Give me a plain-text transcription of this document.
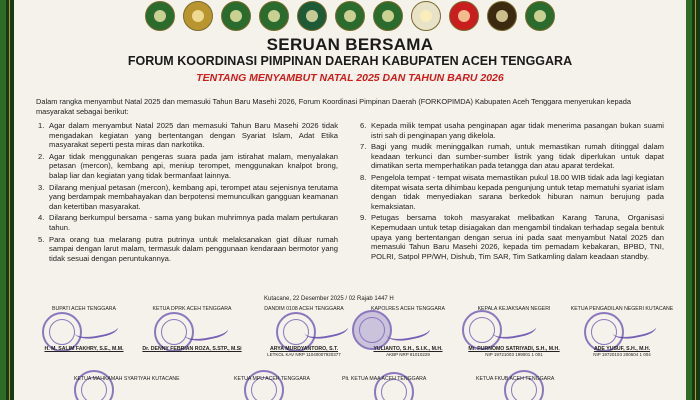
SERUAN BERSAMA
FORUM KOORDINASI PIMPINAN DAERAH KABUPATEN ACEH TENGGARA
TENTANG MENYAMBUT NATAL 2025 DAN TAHUN BARU 2026

Dalam rangka menyambut Natal 2025 dan memasuki Tahun Baru Masehi 2026, Forum Koordinasi Pimpinan Daerah (FORKOPIMDA) Kabupaten Aceh Tenggara menyerukan kepada masyarakat sebagai berikut:

1. Agar dalam menyambut Natal 2025 dan memasuki Tahun Baru Masehi 2026 tidak mengadakan kegiatan yang bertentangan dengan Syariat Islam, Adat Etika masyarakat seperti pesta miras dan narkotika.
2. Agar tidak menggunakan pengeras suara pada jam istirahat malam, menyalakan petasan (mercon), kembang api, meniup terompet, menggunakan knalpot brong, balap liar dan kegiatan yang tidak bermanfaat lainnya.
3. Dilarang menjual petasan (mercon), kembang api, terompet atau sejenisnya terutama yang berdampak membahayakan dan berpotensi memunculkan gangguan keamanan dan ketertiban masyarakat.
4. Dilarang berkumpul bersama - sama yang bukan muhrimnya pada malam pertukaran tahun.
5. Para orang tua melarang putra putrinya untuk melaksanakan giat diluar rumah sampai dengan larut malam, termasuk dalam penggunaan kendaraan bermotor yang tidak sesuai dengan peruntukannya.
6. Kepada milik tempat usaha penginapan agar tidak menerima pasangan bukan suami istri sah di penginapan yang dikelola.
7. Bagi yang mudik meninggalkan rumah, untuk memastikan rumah ditinggal dalam keadaan terkunci dan sumber-sumber listrik yang tidak diperlukan untuk dapat dimatikan serta memperhatikan pada tetangga dan atau aparat terdekat.
8. Pengelola tempat - tempat wisata memastikan pukul 18.00 WIB tidak ada lagi kegiatan ditempat wisata serta dihimbau kepada pengunjung untuk tetap mematuhi syariat islam dengan tidak menyediakan sarana berkedok hiburan namun berujung pada kemaksiatan.
9. Petugas bersama tokoh masyarakat melibatkan Karang Taruna, Organisasi Kepemudaan untuk tetap disiagakan dan mengambil tindakan terhadap segala bentuk upaya yang bertentangan dengan serua ini pada saat menyambut Natal 2025 dan memasuki Tahun Baru Masehi 2026, kepada tim pemadam kebakaran, BPBD, TNI, POLRI, Satpol PP/WH, Dishub, Tim SAR, Tim Satkamling dalam keadaan standby.
Kutacane, 22 Desember 2025 / 02 Rajab 1447 H
BUPATI ACEH TENGGARA
H. M. SALIM FAKHRY, S.E., M.M.
KETUA DPRK ACEH TENGGARA
Dr. DENNY FEBRIAN ROZA, S.STP., M.Si
DANDIM 0108 ACEH TENGGARA
ARYA MURDYANTORO, S.T.
LETKOL KAV NRP 11040007920377
KAPOLRES ACEH TENGGARA
YULIANTO, S.H., S.I.K., M.H.
AKBP NRP 81010229
KEPALA KEJAKSAAN NEGERI
Mr. PURNOMO SATRIYADI, S.H., M.H.
NIP 19721003 199001 1 001
KETUA PENGADILAN NEGERI KUTACANE
ADE YUSUF, S.H., M.H.
NIP 19720103 200604 1 004
KETUA MAHKAMAH SYAR'IYAH KUTACANE	KETUA MPU ACEH TENGGARA	Plt. KETUA MAA ACEH TENGGARA	KETUA FKUB ACEH TENGGARA
